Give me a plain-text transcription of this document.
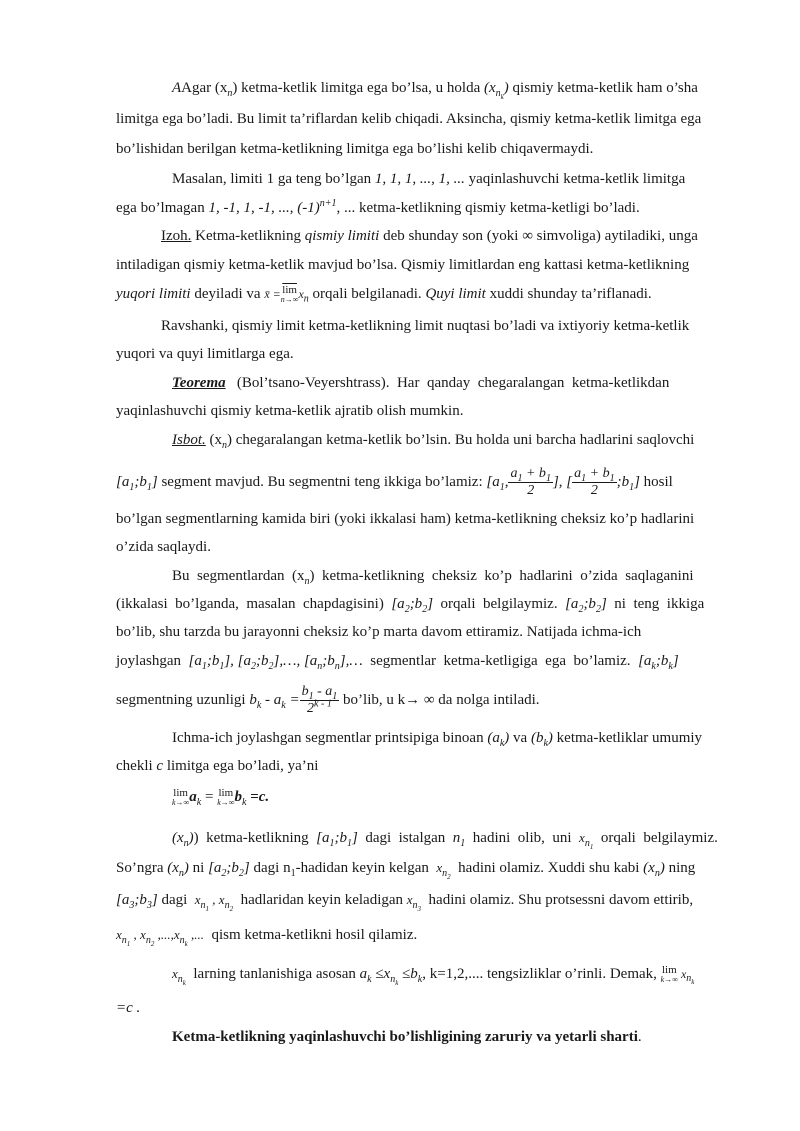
AAgar $(x_n)$ ketma-ketlik limitga ega bo’lsa, u holda $(x_{n_k})$ qismiy ketma-ketlik ham o’sha
limitga ega bo’ladi. Bu limit ta’riflardan kelib chiqadi. Aksincha, qismiy ketma-ketlik limitga ega
bo’lishidan berilgan ketma-ketlikning limitga ega bo’lishi kelib chiqavermaydi.
Masalan, limiti 1 ga teng bo’lgan 1, 1, 1, ..., 1, ... yaqinlashuvchi ketma-ketlik limitga
ega bo’lmagan 1, -1, 1, -1, ..., $(-1)^{n+1}$, ... ketma-ketlikning qismiy ketma-ketligi bo’ladi.
Izoh. Ketma-ketlikning qismiy limiti deb shunday son (yoki ∞ simvoliga) aytiladiki, unga
intiladigan qismiy ketma-ketlik mavjud bo’lsa. Qismiy limitlardan eng kattasi ketma-ketlikning
yuqori limiti deyiladi va x̄ = $\overline{lim}$
n→∞ $x_n$ orqali belgilanadi. Quyi limit xuddi shunday ta’riflanadi.
Ravshanki, qismiy limit ketma-ketlikning limit nuqtasi bo’ladi va ixtiyoriy ketma-ketlik
yuqori va quyi limitlarga ega.
Teorema   (Bol’tsano-Veyershtrass).  Har  qanday  chegaralangan  ketma-ketlikdan
yaqinlashuvchi qismiy ketma-ketlik ajratib olish mumkin.
Isbot. $(x_n)$ chegaralangan ketma-ketlik bo’lsin. Bu holda uni barcha hadlarini saqlovchi
$[a_1;b_1]$ segment mavjud. Bu segmentni teng ikkiga bo’lamiz: [$a_1$, $\frac{a_1 + b_1}{2}$ ], [ $\frac{a_1 + b_1}{2}$ $;b_1$] hosil
bo’lgan segmentlarning kamida biri (yoki ikkalasi ham) ketma-ketlikning cheksiz ko’p hadlarini
o’zida saqlaydi.
Bu  segmentlardan  $(x_n)$  ketma-ketlikning  cheksiz  ko’p  hadlarini  o’zida  saqlaganini
(ikkalasi  bo’lganda,  masalan  chapdagisini)  $[a_2;b_2]$  orqali  belgilaymiz.  $[a_2;b_2]$  ni  teng  ikkiga
bo’lib, shu tarzda bu jarayonni cheksiz ko’p marta davom ettiramiz. Natijada ichma-ich
joylashgan  $[a_1;b_1]$, $[a_2;b_2],\dots$, $[a_n;b_n],\dots$  segmentlar  ketma-ketligiga  ega  bo’lamiz.  $[a_k;b_k]$
segmentning uzunligi $b_k - a_k = \frac{b_1 - a_1}{2^{k - 1}}$ bo’lib, u k→ ∞ da nolga intiladi.
Ichma-ich joylashgan segmentlar printsipiga binoan $(a_k)$ va $(b_k)$ ketma-ketliklar umumiy
chekli c limitga ega bo’ladi, ya’ni
lim
k→∞ $a_k = \lim$
k→∞ $b_k =c$.
$(x_n)$)  ketma-ketlikning  $[a_1;b_1]$  dagi  istalgan  $n_1$  hadini  olib,  uni  $x_{n_1}$  orqali  belgilaymiz.
So’ngra $(x_n)$ ni $[a_2;b_2]$ dagi $n_1$-hadidan keyin kelgan  $x_{n_2}$  hadini olamiz. Xuddi shu kabi $(x_n)$ ning
$[a_3;b_3]$ dagi  $x_{n_1}$ , $x_{n_2}$  hadlaridan keyin keladigan $x_{n_3}$  hadini olamiz. Shu protsessni davom ettirib,
$x_{n_1}$ , $x_{n_2}$ $,...,x_{n_k}$ ,...  qism ketma-ketlikni hosil qilamiz.
$x_{n_k}$  larning tanlanishiga asosan $a_k \le x_{n_k} \le b_k$, k=1,2,.... tengsizliklar o’rinli. Demak, lim
k→∞ $x_{n_k}$
=c .
Ketma-ketlikning yaqinlashuvchi bo’lishligining zaruriy va yetarli sharti.
